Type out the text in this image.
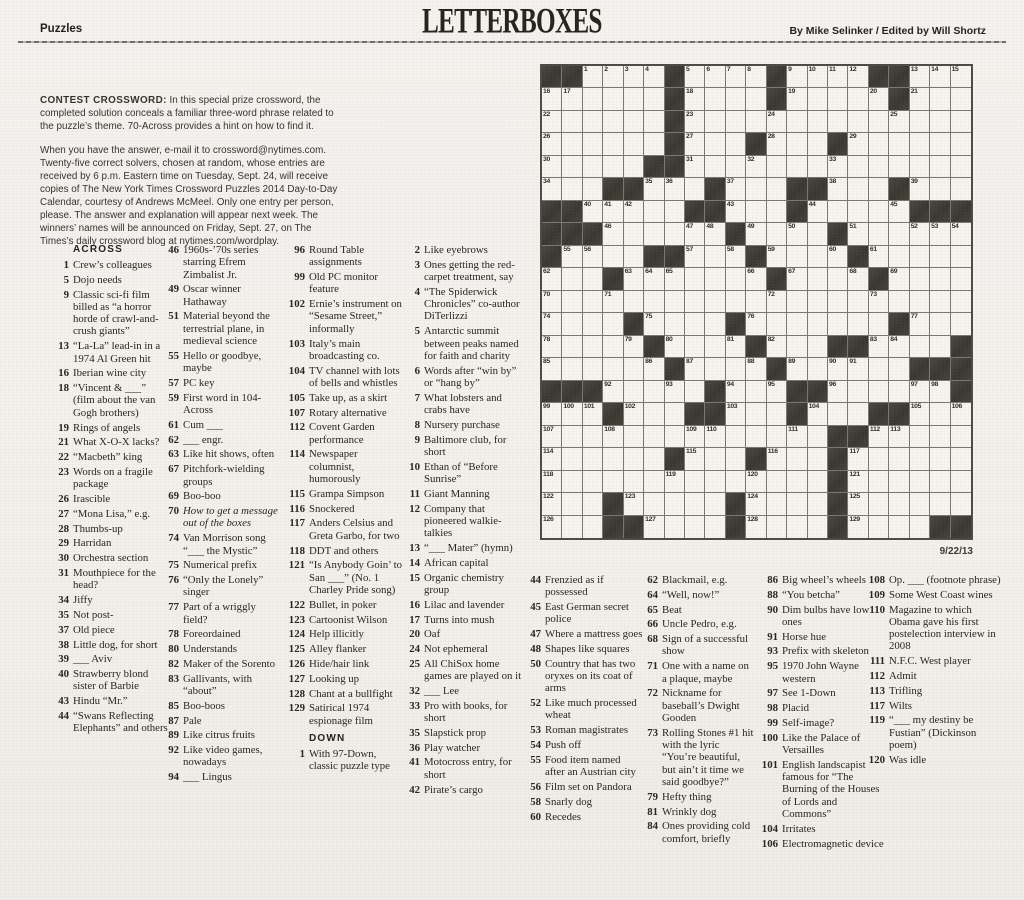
Puzzles	LETTERBOXES	By Mike Selinker / Edited by Will Shortz

CONTEST CROSSWORD: In this special prize crossword, the completed solution conceals a familiar three-word phrase related to the puzzle’s theme. 70-Across provides a hint on how to find it.

When you have the answer, e-mail it to crossword@nytimes.com. Twenty-five correct solvers, chosen at random, whose entries are received by 6 p.m. Eastern time on Tuesday, Sept. 24, will receive copies of The New York Times Crossword Puzzles 2014 Day-to-Day Calendar, courtesy of Andrews McMeel. Only one entry per person, please. The answer and explanation will appear next week. The winners’ names will be announced on Friday, Sept. 27, on The Times’s daily crossword blog at nytimes.com/wordplay.

1 2 3 4	5 6 7 8	9 10 11 12	13 14 15
16 17	18	19	20	21
22	23	24	25
26	27	28	29
30	31	32	33
34	35 36	37	38	39
40 41 42	43	44	45
46	47 48	49	50	51	52 53 54
55 56	57	58	59	60	61
62	63 64 65	66	67	68	69
70	71	72	73
74	75	76	77
78	79	80	81	82	83 84
85	86	87	88	89	90 91
92	93	94	95	96	97 98
99 100 101	102	103	104	105	106
107	108	109 110	111	112 113
114	115	116	117
118	119	120	121
122	123	124	125
126	127	128	129
9/22/13
ACROSS
1 Crew’s colleagues
5 Dojo needs
9 Classic sci-fi film billed as “a horror horde of crawl-and-crush giants”
13 “La-La” lead-in in a 1974 Al Green hit
16 Iberian wine city
18 “Vincent & ___” (film about the van Gogh brothers)
19 Rings of angels
21 What X-O-X lacks?
22 “Macbeth” king
23 Words on a fragile package
26 Irascible
27 “Mona Lisa,” e.g.
28 Thumbs-up
29 Harridan
30 Orchestra section
31 Mouthpiece for the head?
34 Jiffy
35 Not post-
37 Old piece
38 Little dog, for short
39 ___ Aviv
40 Strawberry blond sister of Barbie
43 Hindu “Mr.”
44 “Swans Reflecting Elephants” and others
46 1960s-’70s series starring Efrem Zimbalist Jr.
49 Oscar winner Hathaway
51 Material beyond the terrestrial plane, in medieval science
55 Hello or goodbye, maybe
57 PC key
59 First word in 104-Across
61 Cum ___
62 ___ engr.
63 Like hit shows, often
67 Pitchfork-wielding groups
69 Boo-boo
70 How to get a message out of the boxes
74 Van Morrison song “___ the Mystic”
75 Numerical prefix
76 “Only the Lonely” singer
77 Part of a wriggly field?
78 Foreordained
80 Understands
82 Maker of the Sorento
83 Gallivants, with “about”
85 Boo-boos
87 Pale
89 Like citrus fruits
92 Like video games, nowadays
94 ___ Lingus
96 Round Table assignments
99 Old PC monitor feature
102 Ernie’s instrument on “Sesame Street,” informally
103 Italy’s main broadcasting co.
104 TV channel with lots of bells and whistles
105 Take up, as a skirt
107 Rotary alternative
112 Covent Garden performance
114 Newspaper columnist, humorously
115 Grampa Simpson
116 Snockered
117 Anders Celsius and Greta Garbo, for two
118 DDT and others
121 “Is Anybody Goin’ to San ___” (No. 1 Charley Pride song)
122 Bullet, in poker
123 Cartoonist Wilson
124 Help illicitly
125 Alley flanker
126 Hide/hair link
127 Looking up
128 Chant at a bullfight
129 Satirical 1974 espionage film
DOWN
1 With 97-Down, classic puzzle type
2 Like eyebrows
3 Ones getting the red-carpet treatment, say
4 “The Spiderwick Chronicles” co-author DiTerlizzi
5 Antarctic summit between peaks named for faith and charity
6 Words after “win by” or “hang by”
7 What lobsters and crabs have
8 Nursery purchase
9 Baltimore club, for short
10 Ethan of “Before Sunrise”
11 Giant Manning
12 Company that pioneered walkie-talkies
13 “___ Mater” (hymn)
14 African capital
15 Organic chemistry group
16 Lilac and lavender
17 Turns into mush
20 Oaf
24 Not ephemeral
25 All ChiSox home games are played on it
32 ___ Lee
33 Pro with books, for short
35 Slapstick prop
36 Play watcher
41 Motocross entry, for short
42 Pirate’s cargo
44 Frenzied as if possessed
45 East German secret police
47 Where a mattress goes
48 Shapes like squares
50 Country that has two oryxes on its coat of arms
52 Like much processed wheat
53 Roman magistrates
54 Push off
55 Food item named after an Austrian city
56 Film set on Pandora
58 Snarly dog
60 Recedes
62 Blackmail, e.g.
64 “Well, now!”
65 Beat
66 Uncle Pedro, e.g.
68 Sign of a successful show
71 One with a name on a plaque, maybe
72 Nickname for baseball’s Dwight Gooden
73 Rolling Stones #1 hit with the lyric “You’re beautiful, but ain’t it time we said goodbye?”
79 Hefty thing
81 Wrinkly dog
84 Ones providing cold comfort, briefly
86 Big wheel’s wheels
88 “You betcha”
90 Dim bulbs have low ones
91 Horse hue
93 Prefix with skeleton
95 1970 John Wayne western
97 See 1-Down
98 Placid
99 Self-image?
100 Like the Palace of Versailles
101 English landscapist famous for “The Burning of the Houses of Lords and Commons”
104 Irritates
106 Electromagnetic device
108 Op. ___ (footnote phrase)
109 Some West Coast wines
110 Magazine to which Obama gave his first postelection interview in 2008
111 N.F.C. West player
112 Admit
113 Trifling
117 Wilts
119 “___ my destiny be Fustian” (Dickinson poem)
120 Was idle
